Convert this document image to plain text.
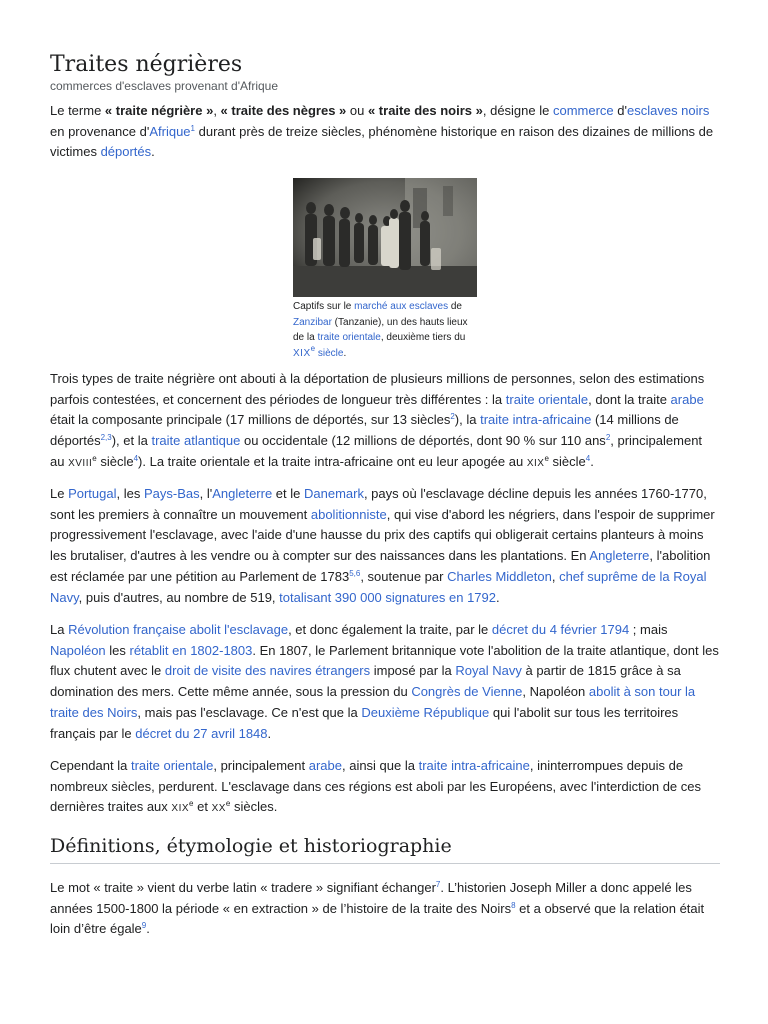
Traites négrières
commerces d'esclaves provenant d'Afrique

Le terme « traite négrière », « traite des nègres » ou « traite des noirs », désigne le commerce d'esclaves noirs en provenance d'Afrique$^1$ durant près de treize siècles, phénomène historique en raison des dizaines de millions de victimes déportés.

Captifs sur le marché aux esclaves de Zanzibar (Tanzanie), un des hauts lieux de la traite orientale, deuxième tiers du XIXe siècle.

Trois types de traite négrière ont abouti à la déportation de plusieurs millions de personnes, selon des estimations parfois contestées, et concernent des périodes de longueur très différentes : la traite orientale, dont la traite arabe était la composante principale (17 millions de déportés, sur 13 siècles$^2$), la traite intra-africaine (14 millions de déportés$^{2,3}$), et la traite atlantique ou occidentale (12 millions de déportés, dont 90 % sur 110 ans$^2$, principalement au XVIIIe siècle$^4$). La traite orientale et la traite intra-africaine ont eu leur apogée au XIXe siècle$^4$.

Le Portugal, les Pays-Bas, l'Angleterre et le Danemark, pays où l'esclavage décline depuis les années 1760-1770, sont les premiers à connaître un mouvement abolitionniste, qui vise d'abord les négriers, dans l'espoir de supprimer progressivement l'esclavage, avec l'aide d'une hausse du prix des captifs qui obligerait certains planteurs à moins les brutaliser, d'autres à les vendre ou à compter sur des naissances dans les plantations. En Angleterre, l'abolition est réclamée par une pétition au Parlement de 1783$^{5,6}$, soutenue par Charles Middleton, chef suprême de la Royal Navy, puis d'autres, au nombre de 519, totalisant 390 000 signatures en 1792.

La Révolution française abolit l'esclavage, et donc également la traite, par le décret du 4 février 1794 ; mais Napoléon les rétablit en 1802-1803. En 1807, le Parlement britannique vote l'abolition de la traite atlantique, dont les flux chutent avec le droit de visite des navires étrangers imposé par la Royal Navy à partir de 1815 grâce à sa domination des mers. Cette même année, sous la pression du Congrès de Vienne, Napoléon abolit à son tour la traite des Noirs, mais pas l'esclavage. Ce n'est que la Deuxième République qui l'abolit sur tous les territoires français par le décret du 27 avril 1848.

Cependant la traite orientale, principalement arabe, ainsi que la traite intra-africaine, ininterrompues depuis de nombreux siècles, perdurent. L'esclavage dans ces régions est aboli par les Européens, avec l'interdiction de ces dernières traites aux XIXe et XXe siècles.

Définitions, étymologie et historiographie

Le mot « traite » vient du verbe latin « tradere » signifiant échanger$^7$. L’historien Joseph Miller a donc appelé les années 1500-1800 la période « en extraction » de l’histoire de la traite des Noirs$^8$ et a observé que la relation était loin d’être égale$^9$.
